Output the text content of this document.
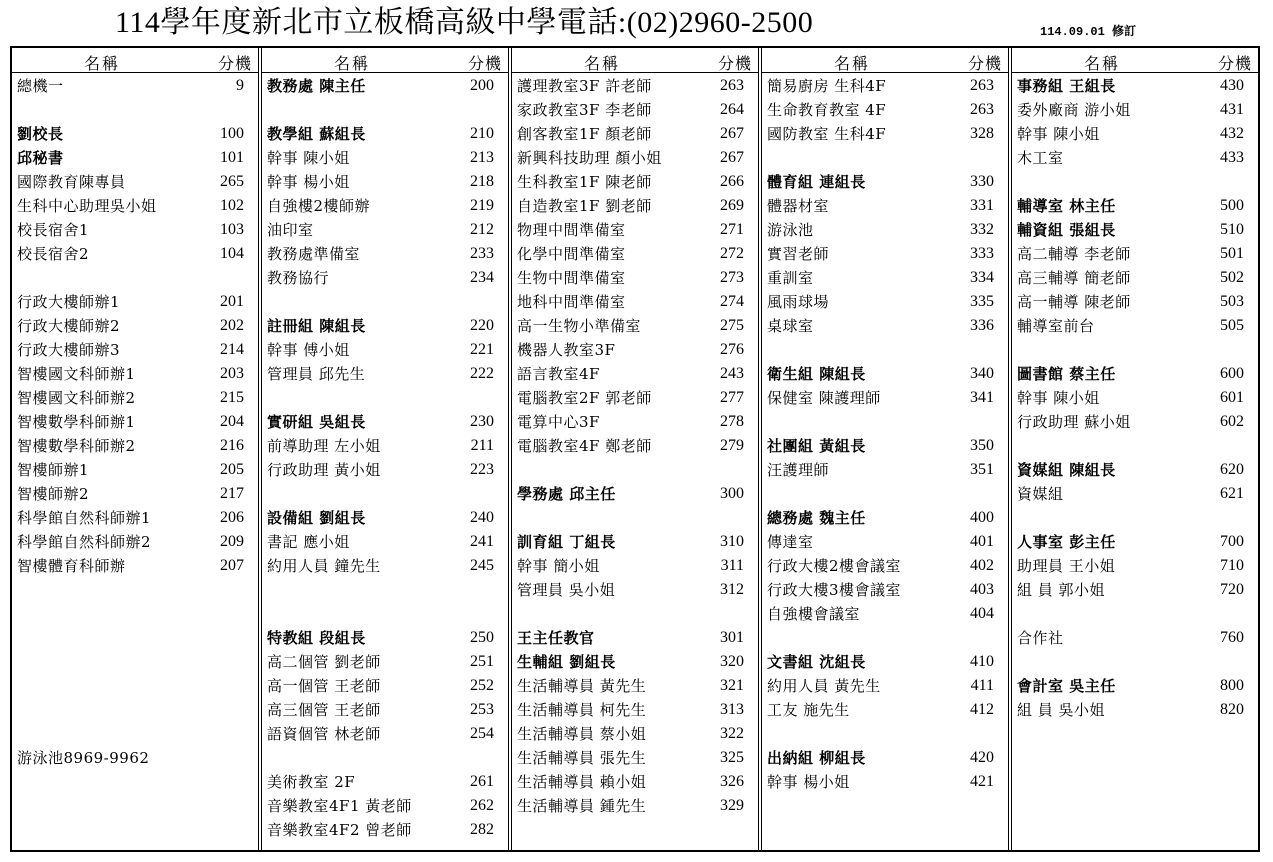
114學年度新北市立板橋高級中學電話:(02)2960-2500	114.09.01 修訂
名稱	分機
總機一	9
劉校長	100
邱秘書	101
國際教育陳專員	265
生科中心助理吳小姐	102
校長宿舍1	103
校長宿舍2	104
行政大樓師辦1	201
行政大樓師辦2	202
行政大樓師辦3	214
智樓國文科師辦1	203
智樓國文科師辦2	215
智樓數學科師辦1	204
智樓數學科師辦2	216
智樓師辦1	205
智樓師辦2	217
科學館自然科師辦1	206
科學館自然科師辦2	209
智樓體育科師辦	207
游泳池8969-9962
名稱	分機
教務處 陳主任	200
教學組 蘇組長	210
幹事 陳小姐	213
幹事 楊小姐	218
自強樓2樓師辦	219
油印室	212
教務處準備室	233
教務協行	234
註冊組 陳組長	220
幹事 傅小姐	221
管理員 邱先生	222
實研組 吳組長	230
前導助理 左小姐	211
行政助理 黃小姐	223
設備組 劉組長	240
書記 應小姐	241
約用人員 鐘先生	245
特教組 段組長	250
高二個管 劉老師	251
高一個管 王老師	252
高三個管 王老師	253
語資個管 林老師	254
美術教室 2F	261
音樂教室4F1 黃老師	262
音樂教室4F2 曾老師	282
名稱	分機
護理教室3F 許老師	263
家政教室3F 李老師	264
創客教室1F 顏老師	267
新興科技助理 顏小姐	267
生科教室1F 陳老師	266
自造教室1F 劉老師	269
物理中間準備室	271
化學中間準備室	272
生物中間準備室	273
地科中間準備室	274
高一生物小準備室	275
機器人教室3F	276
語言教室4F	243
電腦教室2F 郭老師	277
電算中心3F	278
電腦教室4F 鄭老師	279
學務處 邱主任	300
訓育組 丁組長	310
幹事 簡小姐	311
管理員 吳小姐	312
王主任教官	301
生輔組 劉組長	320
生活輔導員 黃先生	321
生活輔導員 柯先生	313
生活輔導員 蔡小姐	322
生活輔導員 張先生	325
生活輔導員 賴小姐	326
生活輔導員 鍾先生	329
名稱	分機
簡易廚房 生科4F	263
生命教育教室 4F	263
國防教室 生科4F	328
體育組 連組長	330
體器材室	331
游泳池	332
實習老師	333
重訓室	334
風雨球場	335
桌球室	336
衛生組 陳組長	340
保健室 陳護理師	341
社團組 黃組長	350
汪護理師	351
總務處 魏主任	400
傳達室	401
行政大樓2樓會議室	402
行政大樓3樓會議室	403
自強樓會議室	404
文書組 沈組長	410
約用人員 黃先生	411
工友 施先生	412
出納組 柳組長	420
幹事 楊小姐	421
名稱	分機
事務組 王組長	430
委外廠商 游小姐	431
幹事 陳小姐	432
木工室	433
輔導室 林主任	500
輔資組 張組長	510
高二輔導 李老師	501
高三輔導 簡老師	502
高一輔導 陳老師	503
輔導室前台	505
圖書館 蔡主任	600
幹事 陳小姐	601
行政助理 蘇小姐	602
資媒組 陳組長	620
資媒組	621
人事室 彭主任	700
助理員 王小姐	710
組 員 郭小姐	720
合作社	760
會計室 吳主任	800
組 員 吳小姐	820
